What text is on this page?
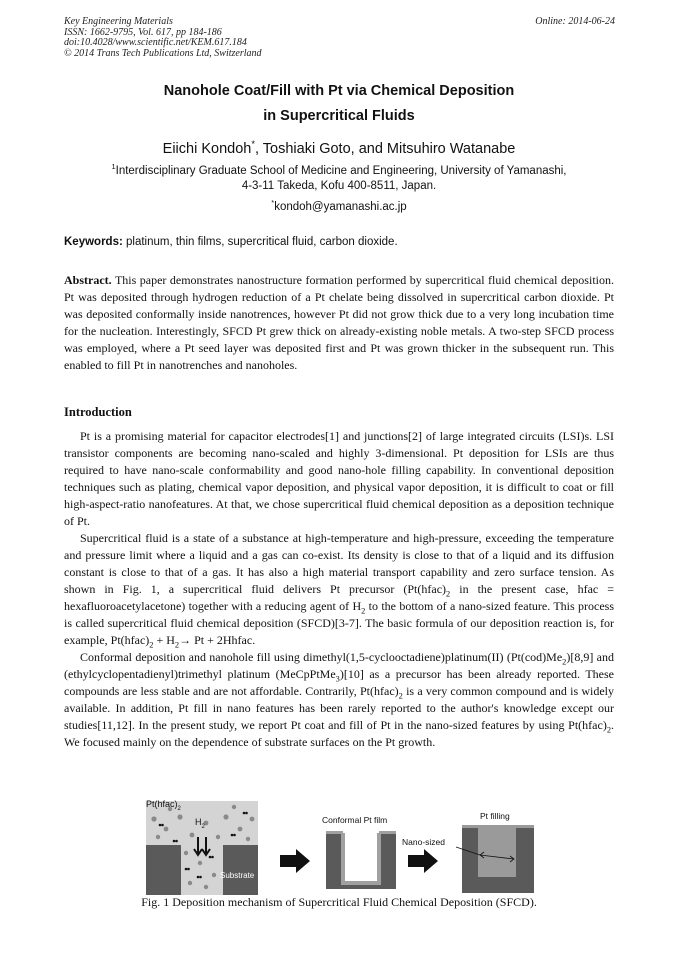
Key Engineering Materials
ISSN: 1662-9795, Vol. 617, pp 184-186
doi:10.4028/www.scientific.net/KEM.617.184
© 2014 Trans Tech Publications Ltd, Switzerland
Online: 2014-06-24
Nanohole Coat/Fill with Pt via Chemical Deposition
in Supercritical Fluids
Eiichi Kondoh*, Toshiaki Goto, and Mitsuhiro Watanabe
$^1$Interdisciplinary Graduate School of Medicine and Engineering, University of Yamanashi,
4-3-11 Takeda, Kofu 400-8511, Japan.
*kondoh@yamanashi.ac.jp
Keywords: platinum, thin films, supercritical fluid, carbon dioxide.
Abstract. This paper demonstrates nanostructure formation performed by supercritical fluid chemical deposition. Pt was deposited through hydrogen reduction of a Pt chelate being dissolved in supercritical carbon dioxide. Pt was deposited conformally inside nanotrences, however Pt did not grow thick due to a very long incubation time for the nucleation. Interestingly, SFCD Pt grew thick on already-existing noble metals. A two-step SFCD process was employed, where a Pt seed layer was deposited first and Pt was grown thicker in the subsequent run. This enabled to fill Pt in nanotrenches and nanoholes.
Introduction

Pt is a promising material for capacitor electrodes[1] and junctions[2] of large integrated circuits (LSI)s. LSI transistor components are becoming nano-scaled and highly 3-dimensional. Pt deposition for LSIs are thus required to have nano-scale conformability and good nano-hole filling capability. In conventional deposition techniques such as plating, chemical vapor deposition, and physical vapor deposition, it is difficult to coat or fill high-aspect-ratio nanofeatures. At that, we chose supercritical fluid chemical deposition as a deposition technique of Pt.

Supercritical fluid is a state of a substance at high-temperature and high-pressure, exceeding the temperature and pressure limit where a liquid and a gas can co-exist. Its density is close to that of a liquid and its diffusion constant is close to that of a gas. It has also a high material transport capability and zero surface tension. As shown in Fig. 1, a supercritical fluid delivers Pt precursor ($Pt(hfac)_2$ in the present case, hfac = hexafluoroacetylacetone) together with a reducing agent of $H_2$ to the bottom of a nano-sized feature. This process is called supercritical fluid chemical deposition (SFCD)[3-7]. The basic formula of our deposition reaction is, for example, $Pt(hfac)_2 + H_2\to Pt$ + 2Hhfac.

Conformal deposition and nanohole fill using dimethyl(1,5-cyclooctadiene)platinum(II) $(Pt(cod)Me_2)[8,9]$ and (ethylcyclopentadienyl)trimethyl platinum (MeCpPtMe$_3$)[10] as a precursor has been already reported. These compounds are less stable and are not affordable. Contrarily, $Pt(hfac)_2$ is a very common compound and is widely available. In addition, Pt fill in nano features has been rarely reported to the author's knowledge except our studies[11,12]. In the present study, we report Pt coat and fill of Pt in the nano-sized features by using $Pt(hfac)_2$. We focused mainly on the dependence of substrate surfaces on the Pt growth.

$Pt(hfac)_2$
$H_2$
Substrate
Conformal Pt film	Pt filling
Nano-sized
Fig. 1 Deposition mechanism of Supercritical Fluid Chemical Deposition (SFCD).
